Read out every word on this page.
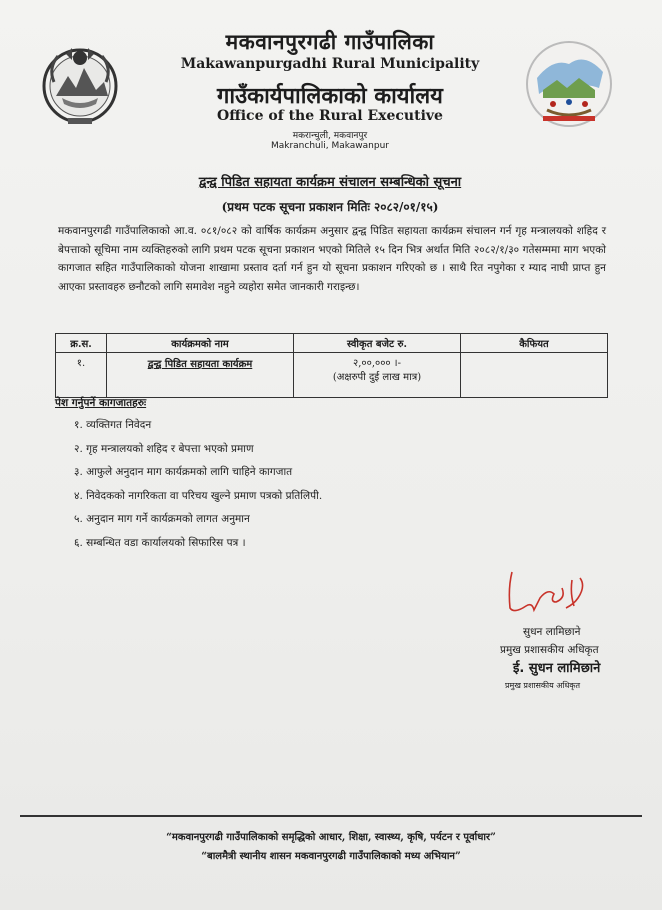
मकवानपुरगढी गाउँपालिका
Makawanpurgadhi Rural Municipality
गाउँकार्यपालिकाको कार्यालय
Office of the Rural Executive
मकरान्चुली, मकवानपुर
Makranchuli, Makawanpur
द्वन्द्व पिडित सहायता कार्यक्रम संचालन सम्बन्धिको सूचना
(प्रथम पटक सूचना प्रकाशन मितिः २०८२/०१/१५)
मकवानपुरगढी गाउँपालिकाको आ.व. ०८१/०८२ को वार्षिक कार्यक्रम अनुसार द्वन्द्व पिडित सहायता कार्यक्रम संचालन गर्न गृह मन्त्रालयको शहिद र बेपत्ताको सूचिमा नाम व्यक्तिहरुको लागि प्रथम पटक सूचना प्रकाशन भएको मितिले १५ दिन भित्र अर्थात मिति २०८२/१/३० गतेसम्ममा माग भएको कागजात सहित गाउँपालिकाको योजना शाखामा प्रस्ताव दर्ता गर्न हुन यो सूचना प्रकाशन गरिएको छ । साथै रित नपुगेका र म्याद नाघी प्राप्त हुन आएका प्रस्तावहरु छनौटको लागि समावेश नहुने व्यहोरा समेत जानकारी गराइन्छ।
क्र.स.	कार्यक्रमको नाम	स्वीकृत बजेट रु.	कैफियत
१.	द्वन्द्व पिडित सहायता कार्यक्रम	२,००,००० ।-
(अक्षरुपी दुई लाख मात्र)	

पेश गर्नुपर्ने कागजातहरुः
१. व्यक्तिगत निवेदन
२. गृह मन्त्रालयको शहिद र बेपत्ता भएको प्रमाण
३. आफुले अनुदान माग कार्यक्रमको लागि चाहिने कागजात
४. निवेदकको नागरिकता वा परिचय खुल्ने प्रमाण पत्रको प्रतिलिपी.
५. अनुदान माग गर्ने कार्यक्रमको लागत अनुमान
६. सम्बन्धित वडा कार्यालयको सिफारिस पत्र ।
सुधन लामिछाने
प्रमुख प्रशासकीय अधिकृत
ई. सुधन लामिछाने
प्रमुख प्रशासकीय अधिकृत
“मकवानपुरगढी गाउँपालिकाको समृद्धिको आधार, शिक्षा, स्वास्थ्य, कृषि, पर्यटन र पूर्वाधार”
“बालमैत्री स्थानीय शासन मकवानपुरगढी गाउँपालिकाको मध्य अभियान”
